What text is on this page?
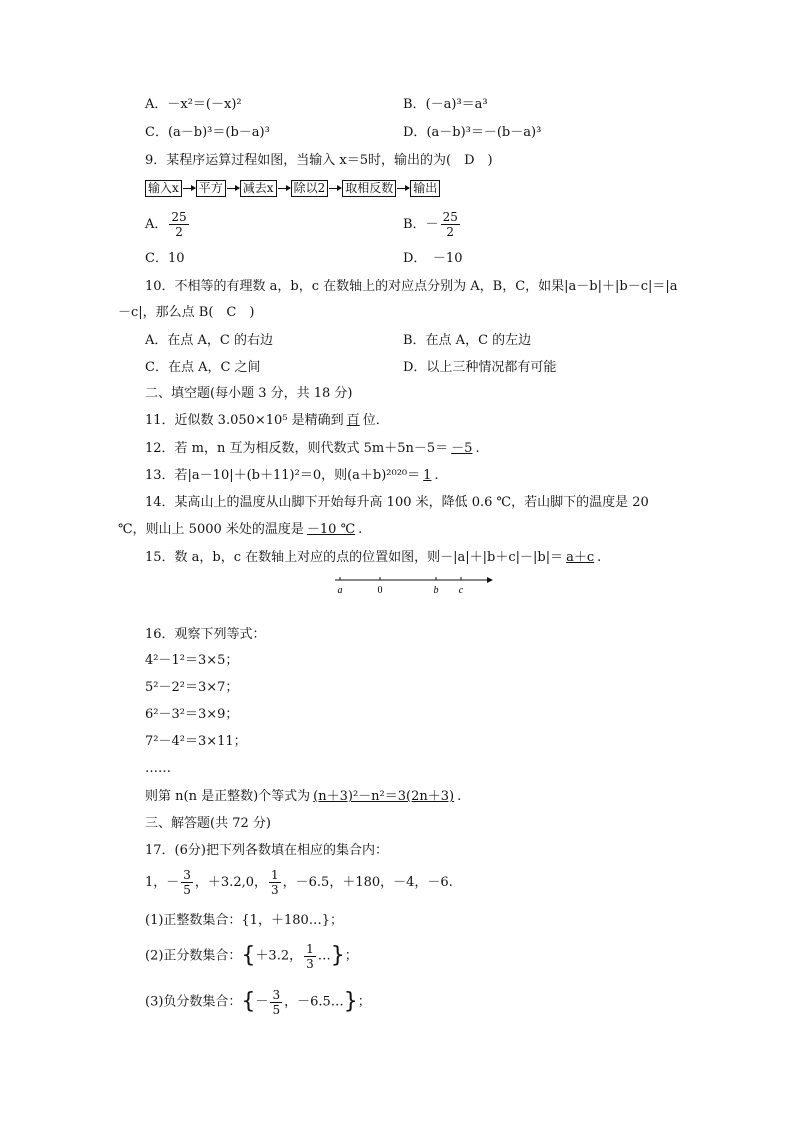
A．－x²＝(－x)²	B．(－a)³＝a³
C．(a－b)³＝(b－a)³	D．(a－b)³＝－(b－a)³
9．某程序运算过程如图，当输入 x＝5时，输出的为(　D　)
输入x 平方 减去x 除以2 取相反数 输出
A． $\frac{25}{2}$	B．－ $\frac{25}{2}$
C．10	D．　－10
10．不相等的有理数 a，b，c 在数轴上的对应点分别为 A，B，C，如果|a－b|＋|b－c|＝|a
－c|，那么点 B(　C　)
A．在点 A，C 的右边	B．在点 A，C 的左边
C．在点 A，C 之间	D．以上三种情况都有可能
二、填空题(每小题 3 分，共 18 分)
11．近似数 3.050×10⁵ 是精确到 百 位．
12．若 m，n 互为相反数，则代数式 5m＋5n－5＝ －5 .
13．若|a－10|＋(b＋11)²＝0，则(a＋b)²⁰²⁰＝ 1 .
14．某高山上的温度从山脚下开始每升高 100 米，降低 0.6 ℃，若山脚下的温度是 20
℃，则山上 5000 米处的温度是 －10 ℃ .
15．数 a，b，c 在数轴上对应的点的位置如图，则－|a|＋|b＋c|－|b|＝ a＋c .
a	0	b c
16．观察下列等式：
4²－1²＝3×5；
5²－2²＝3×7；
6²－3²＝3×9；
7²－4²＝3×11；
……
则第 n(n 是正整数)个等式为 (n＋3)²－n²＝3(2n＋3) .
三、解答题(共 72 分)
17．(6分)把下列各数填在相应的集合内：
1，－ $\frac{3}{5}$ ，＋3.2,0， $\frac{1}{3}$ ，－6.5，＋180，－4，－6.
(1)正整数集合：{1，＋180…}；
(2)正分数集合：{＋3.2， $\frac{1}{3}$ …}；
(3)负分数集合：{－ $\frac{3}{5}$ ，－6.5…}；
